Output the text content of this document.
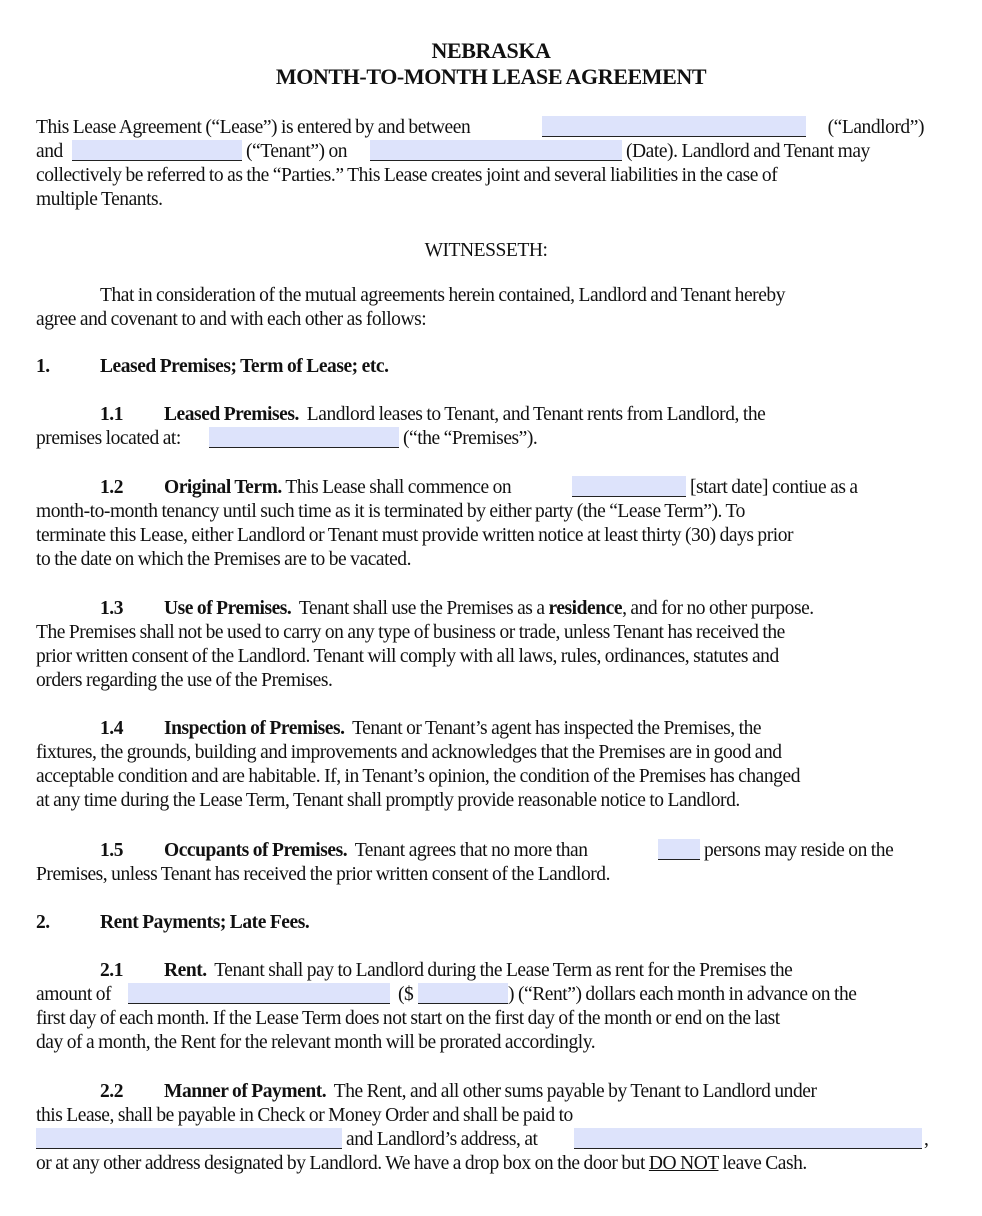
NEBRASKA
MONTH-TO-MONTH LEASE AGREEMENT
This Lease Agreement (“Lease”) is entered by and between	(“Landlord”)
and	(“Tenant”) on	(Date). Landlord and Tenant may
collectively be referred to as the “Parties.” This Lease creates joint and several liabilities in the case of
multiple Tenants.
WITNESSETH:
That in consideration of the mutual agreements herein contained, Landlord and Tenant hereby
agree and covenant to and with each other as follows:
1.	Leased Premises; Term of Lease; etc.
1.1 Leased Premises. Landlord leases to Tenant, and Tenant rents from Landlord, the
premises located at:	(“the “Premises”).
1.2 Original Term. This Lease shall commence on	[start date] contiue as a
month-to-month tenancy until such time as it is terminated by either party (the “Lease Term”). To
terminate this Lease, either Landlord or Tenant must provide written notice at least thirty (30) days prior
to the date on which the Premises are to be vacated.
1.3 Use of Premises. Tenant shall use the Premises as a residence, and for no other purpose.
The Premises shall not be used to carry on any type of business or trade, unless Tenant has received the
prior written consent of the Landlord. Tenant will comply with all laws, rules, ordinances, statutes and
orders regarding the use of the Premises.
1.4 Inspection of Premises. Tenant or Tenant’s agent has inspected the Premises, the
fixtures, the grounds, building and improvements and acknowledges that the Premises are in good and
acceptable condition and are habitable. If, in Tenant’s opinion, the condition of the Premises has changed
at any time during the Lease Term, Tenant shall promptly provide reasonable notice to Landlord.
1.5 Occupants of Premises. Tenant agrees that no more than	persons may reside on the
Premises, unless Tenant has received the prior written consent of the Landlord.
2.	Rent Payments; Late Fees.
2.1 Rent. Tenant shall pay to Landlord during the Lease Term as rent for the Premises the
amount of	($	) (“Rent”) dollars each month in advance on the
first day of each month. If the Lease Term does not start on the first day of the month or end on the last
day of a month, the Rent for the relevant month will be prorated accordingly.
2.2 Manner of Payment. The Rent, and all other sums payable by Tenant to Landlord under
this Lease, shall be payable in Check or Money Order and shall be paid to
and Landlord’s address, at	,
or at any other address designated by Landlord. We have a drop box on the door but DO NOT leave Cash.
